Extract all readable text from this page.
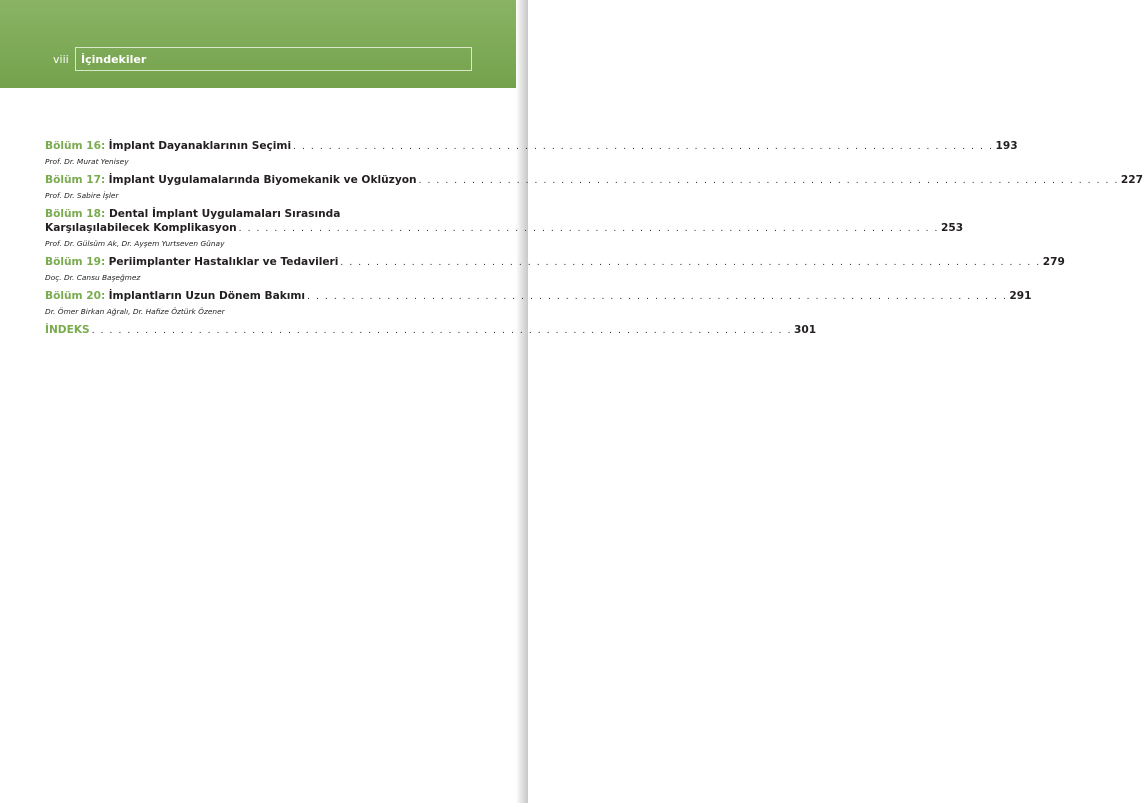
viii İçindekiler
Bölüm 16:
İmplant Dayanaklarının Seçimi . . . . . . . . . . . . . . . . . . . . . . . . . . . . . . . . . . . . . . . . . . . . . . . . . . . . . . . . . . . . . . . . . . . . . . . . . . . . . . . 193
Prof. Dr. Murat Yenisey
Bölüm 17:
İmplant Uygulamalarında Biyomekanik ve Oklüzyon . . . . . . . . . . . . . . . . . . . . . . . . . . . . . . . . . . . . . . . . . . . . . . . . . . . . . . . . . . . . . . . . . . . . . . . . . . . . . . . 227
Prof. Dr. Sabire İşler
Bölüm 18: Dental İmplant Uygulamaları Sırasında
Karşılaşılabilecek Komplikasyon . . . . . . . . . . . . . . . . . . . . . . . . . . . . . . . . . . . . . . . . . . . . . . . . . . . . . . . . . . . . . . . . . . . . . . . . . . . . . . . 253
Prof. Dr. Gülsüm Ak, Dr. Ayşem Yurtseven Günay
Bölüm 19:
Periimplanter Hastalıklar ve Tedavileri . . . . . . . . . . . . . . . . . . . . . . . . . . . . . . . . . . . . . . . . . . . . . . . . . . . . . . . . . . . . . . . . . . . . . . . . . . . . . . . 279
Doç. Dr. Cansu Başeğmez
Bölüm 20:
İmplantların Uzun Dönem Bakımı . . . . . . . . . . . . . . . . . . . . . . . . . . . . . . . . . . . . . . . . . . . . . . . . . . . . . . . . . . . . . . . . . . . . . . . . . . . . . . . 291
Dr. Ömer Birkan Ağralı, Dr. Hafize Öztürk Özener
İNDEKS . . . . . . . . . . . . . . . . . . . . . . . . . . . . . . . . . . . . . . . . . . . . . . . . . . . . . . . . . . . . . . . . . . . . . . . . . . . . . . . 301
